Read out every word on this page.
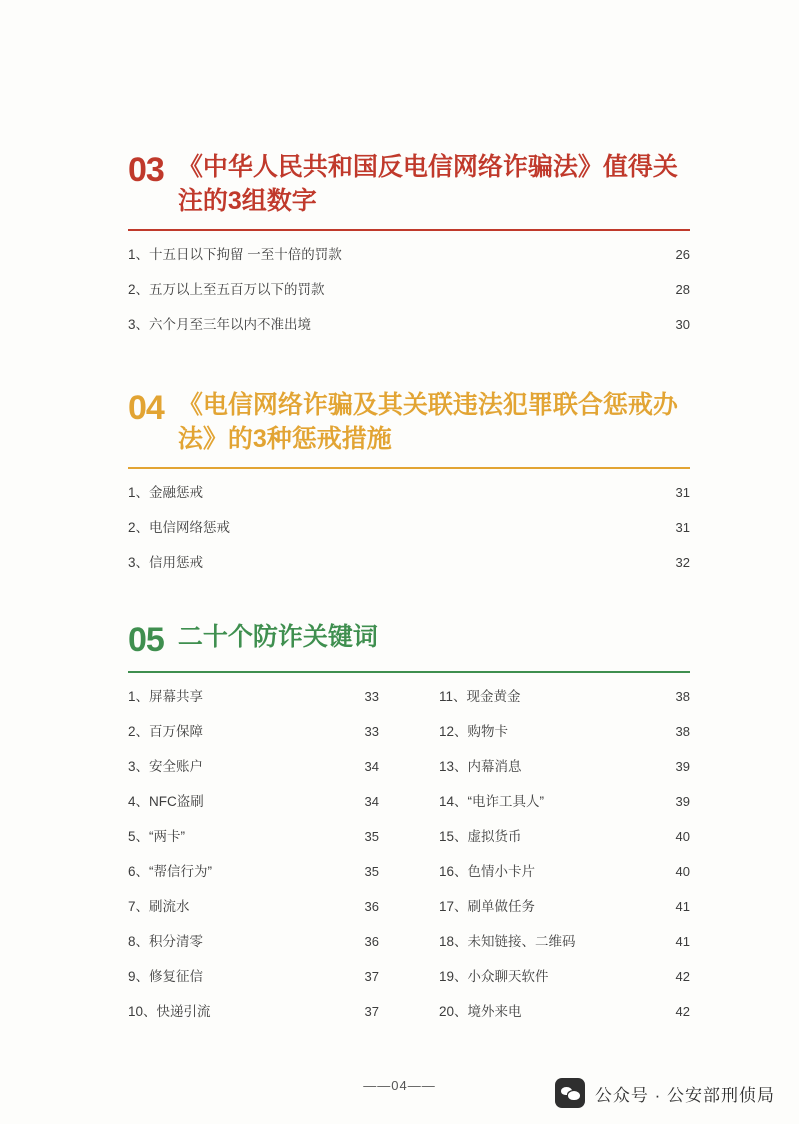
03 《中华人民共和国反电信网络诈骗法》值得关注的3组数字
1、十五日以下拘留 一至十倍的罚款	26
2、五万以上至五百万以下的罚款	28
3、六个月至三年以内不准出境	30
04 《电信网络诈骗及其关联违法犯罪联合惩戒办法》的3种惩戒措施
1、金融惩戒	31
2、电信网络惩戒	31
3、信用惩戒	32
05 二十个防诈关键词
1、屏幕共享	33
2、百万保障	33
3、安全账户	34
4、NFC盗刷	34
5、“两卡”	35
6、“帮信行为”	35
7、刷流水	36
8、积分清零	36
9、修复征信	37
10、快递引流	37
11、现金黄金	38
12、购物卡	38
13、内幕消息	39
14、“电诈工具人”	39
15、虚拟货币	40
16、色情小卡片	40
17、刷单做任务	41
18、未知链接、二维码	41
19、小众聊天软件	42
20、境外来电	42
——04——	公众号 · 公安部刑侦局
